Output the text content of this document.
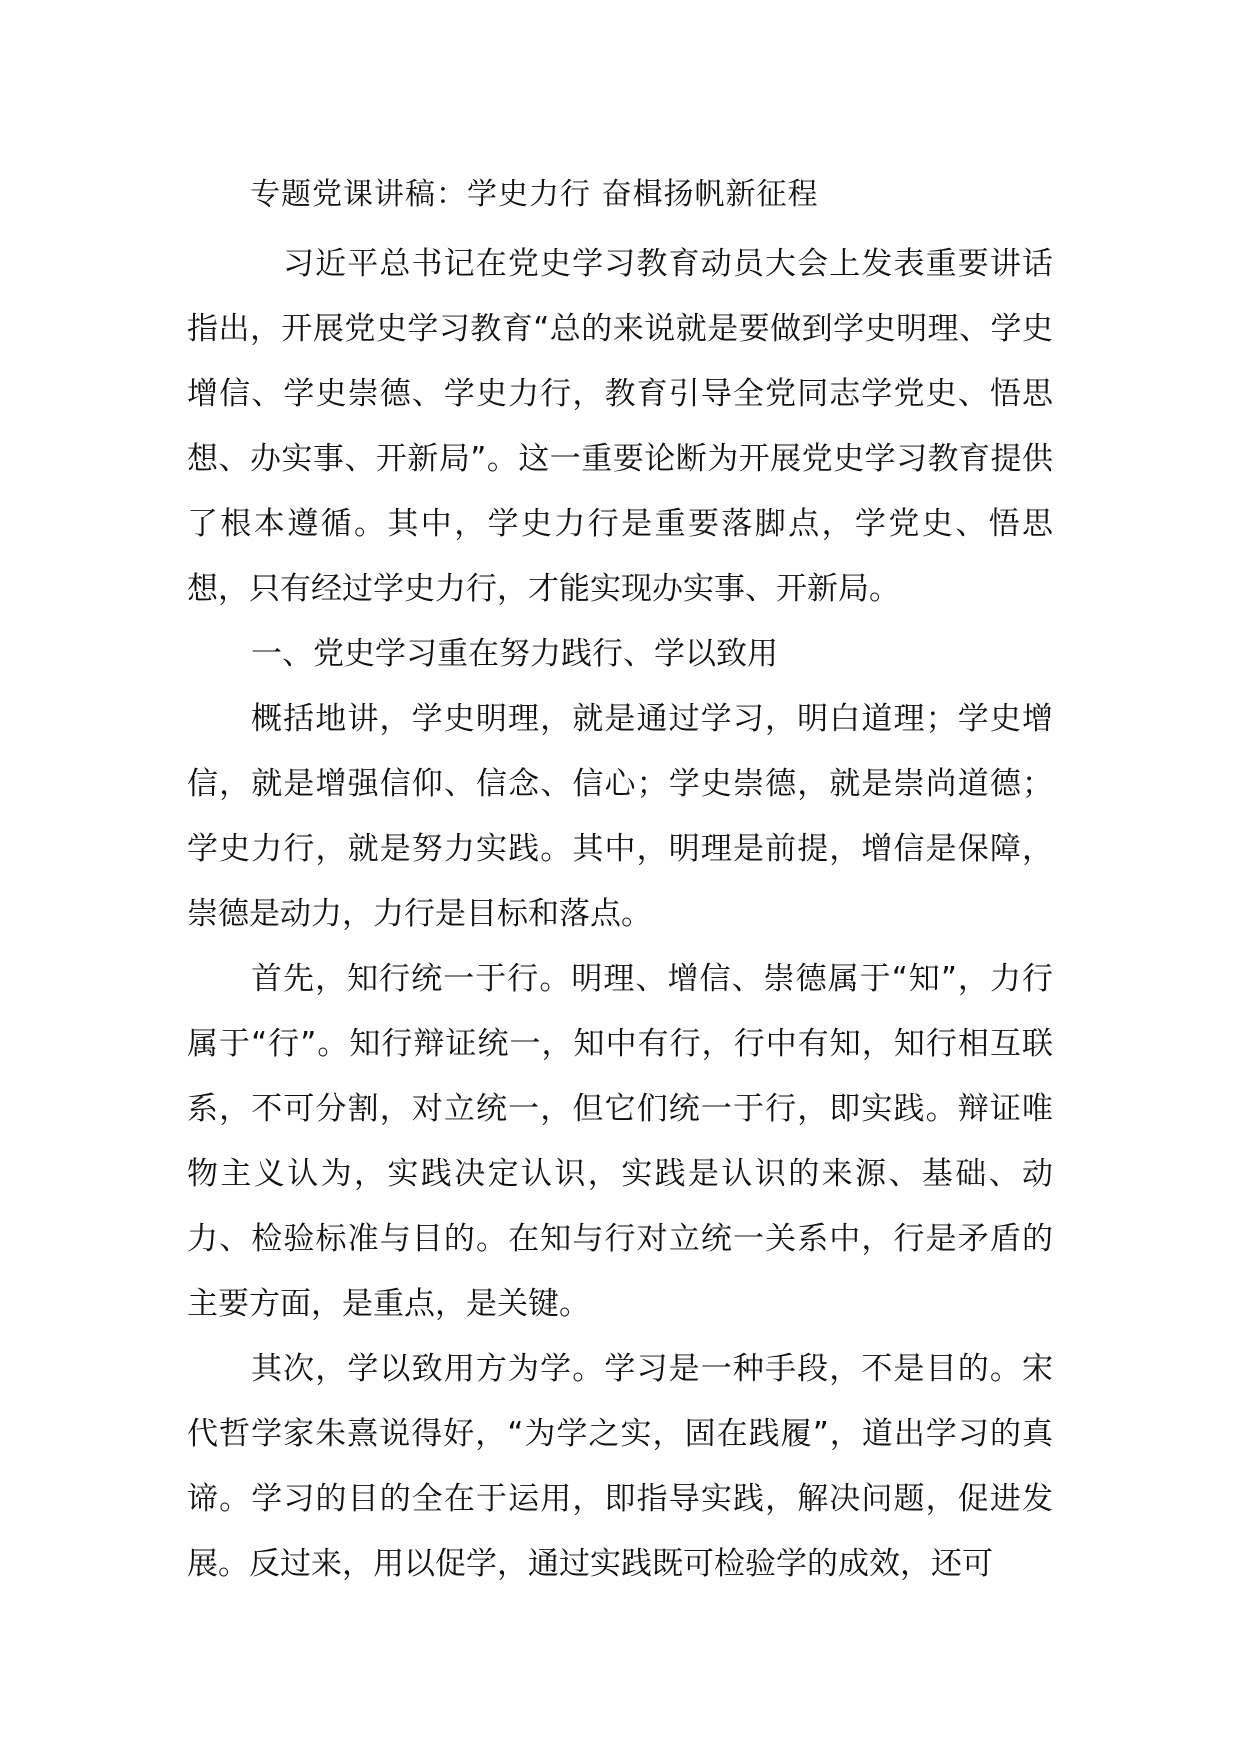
专题党课讲稿：学史力行 奋楫扬帆新征程

习近平总书记在党史学习教育动员大会上发表重要讲话指出，开展党史学习教育“总的来说就是要做到学史明理、学史增信、学史崇德、学史力行，教育引导全党同志学党史、悟思想、办实事、开新局”。这一重要论断为开展党史学习教育提供了根本遵循。其中，学史力行是重要落脚点，学党史、悟思想，只有经过学史力行，才能实现办实事、开新局。

一、党史学习重在努力践行、学以致用

概括地讲，学史明理，就是通过学习，明白道理；学史增信，就是增强信仰、信念、信心；学史崇德，就是崇尚道德；学史力行，就是努力实践。其中，明理是前提，增信是保障，崇德是动力，力行是目标和落点。

首先，知行统一于行。明理、增信、崇德属于“知”，力行属于“行”。知行辩证统一，知中有行，行中有知，知行相互联系，不可分割，对立统一，但它们统一于行，即实践。辩证唯物主义认为，实践决定认识，实践是认识的来源、基础、动力、检验标准与目的。在知与行对立统一关系中，行是矛盾的主要方面，是重点，是关键。

其次，学以致用方为学。学习是一种手段，不是目的。宋代哲学家朱熹说得好，“为学之实，固在践履”，道出学习的真谛。学习的目的全在于运用，即指导实践，解决问题，促进发展。反过来，用以促学，通过实践既可检验学的成效，还可
